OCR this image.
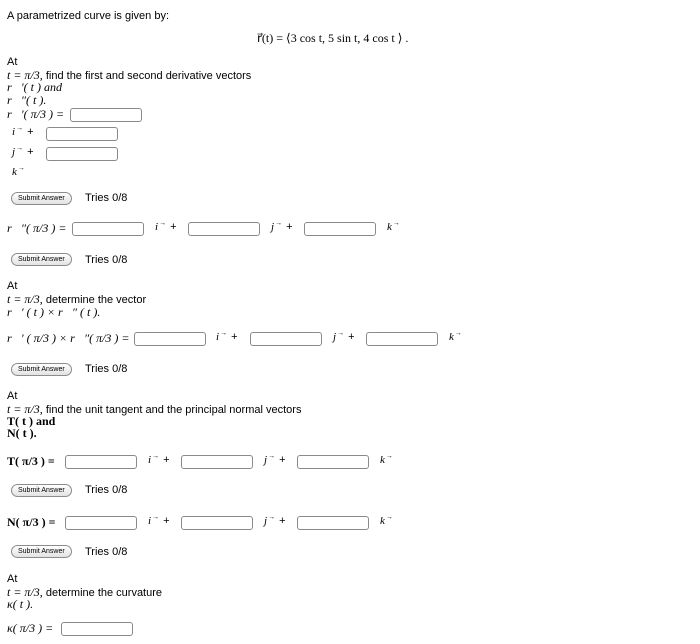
A parametrized curve is given by:
r⃗(t) = ⟨3 cos t, 5 sin t, 4 cos t ⟩ .
At
t = π/3, find the first and second derivative vectors
r⃗′( t ) and
r⃗″( t ).
r⃗′( π/3 ) =
i→ +
j→ +
k→
Submit Answer	Tries 0/8
r⃗″( π/3 ) =	i→ +	j→ +	k→
Submit Answer	Tries 0/8
At
t = π/3, determine the vector
r⃗′ ( t ) × r⃗″ ( t ).
r⃗′ ( π/3 ) × r⃗″( π/3 ) =	i→ +	j→ +	k→
Submit Answer	Tries 0/8
At
t = π/3, find the unit tangent and the principal normal vectors
T( t ) and
N( t ).
T( π/3 ) =	i→ +	j→ +	k→
Submit Answer	Tries 0/8
N( π/3 ) =	i→ +	j→ +	k→
Submit Answer	Tries 0/8
At
t = π/3, determine the curvature
κ( t ).
κ( π/3 ) =
